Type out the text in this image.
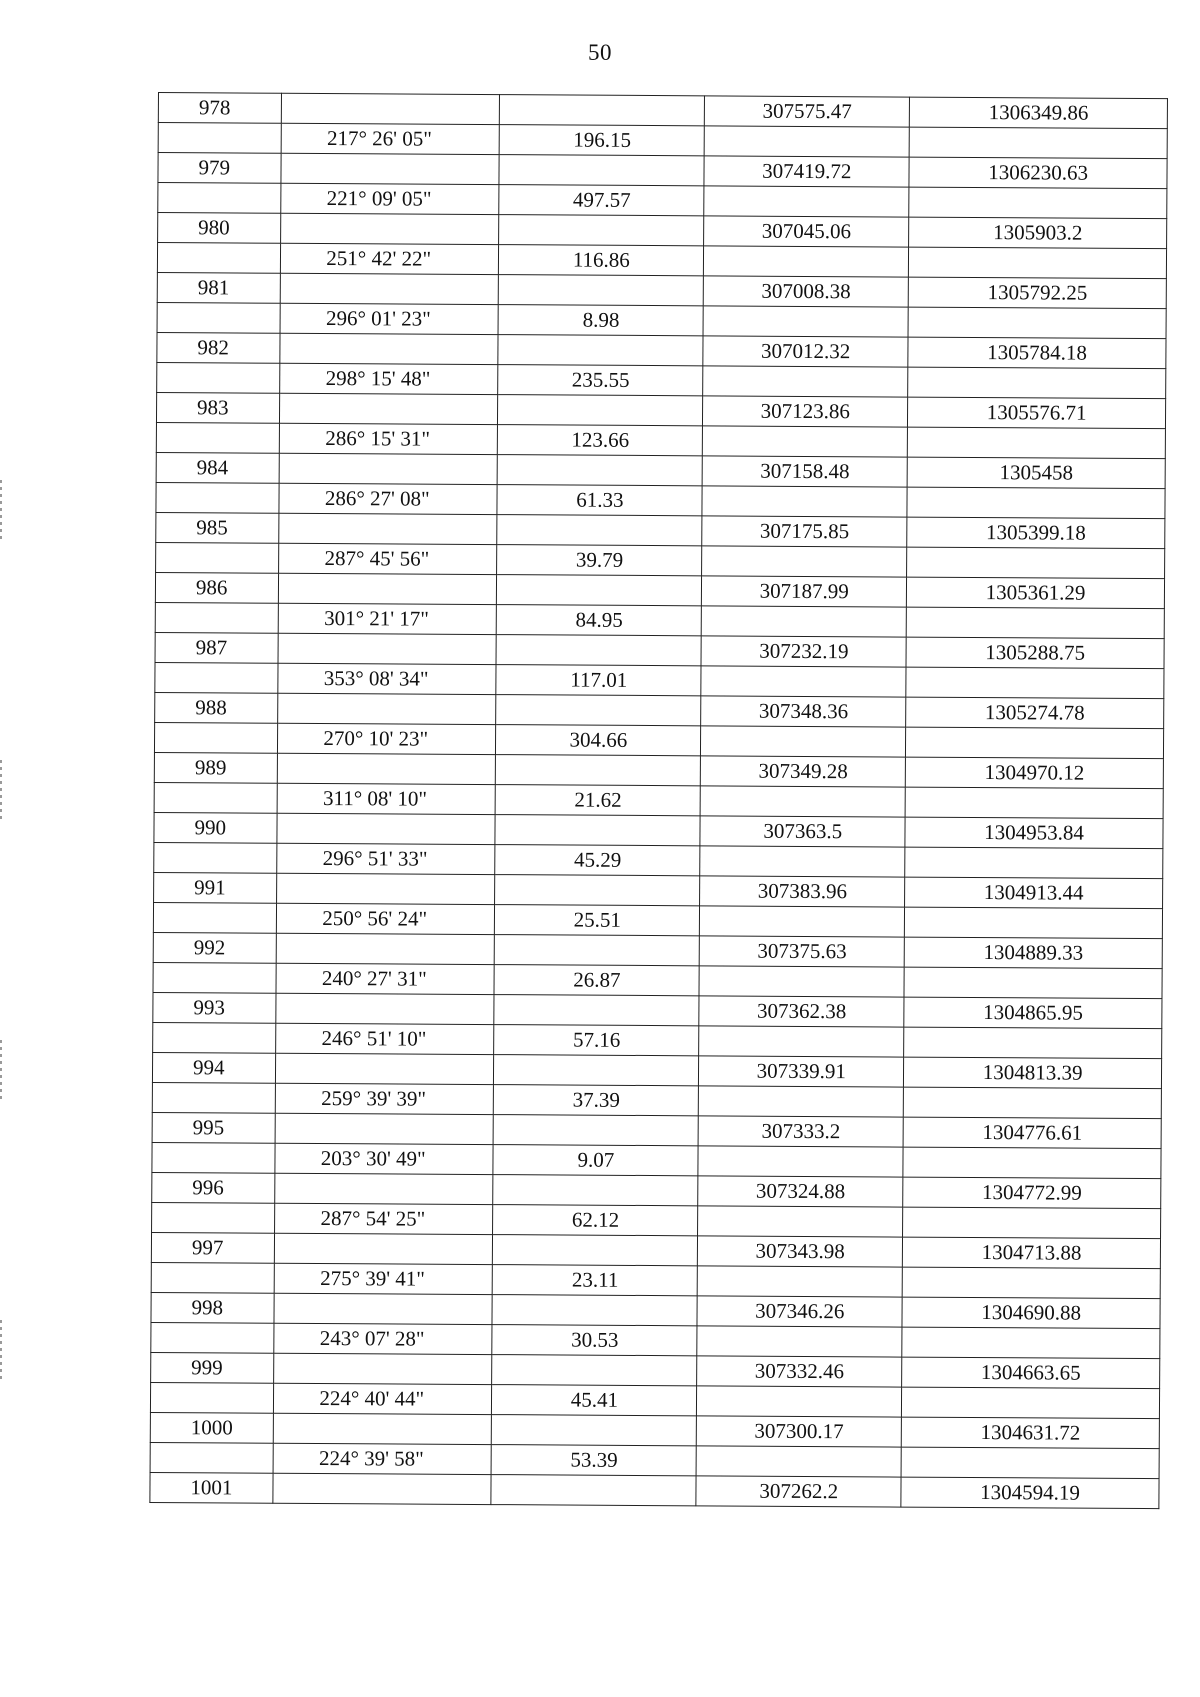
50
978			307575.47	1306349.86
	217° 26' 05"	196.15		
979			307419.72	1306230.63
	221° 09' 05"	497.57		
980			307045.06	1305903.2
	251° 42' 22"	116.86		
981			307008.38	1305792.25
	296° 01' 23"	8.98		
982			307012.32	1305784.18
	298° 15' 48"	235.55		
983			307123.86	1305576.71
	286° 15' 31"	123.66		
984			307158.48	1305458
	286° 27' 08"	61.33		
985			307175.85	1305399.18
	287° 45' 56"	39.79		
986			307187.99	1305361.29
	301° 21' 17"	84.95		
987			307232.19	1305288.75
	353° 08' 34"	117.01		
988			307348.36	1305274.78
	270° 10' 23"	304.66		
989			307349.28	1304970.12
	311° 08' 10"	21.62		
990			307363.5	1304953.84
	296° 51' 33"	45.29		
991			307383.96	1304913.44
	250° 56' 24"	25.51		
992			307375.63	1304889.33
	240° 27' 31"	26.87		
993			307362.38	1304865.95
	246° 51' 10"	57.16		
994			307339.91	1304813.39
	259° 39' 39"	37.39		
995			307333.2	1304776.61
	203° 30' 49"	9.07		
996			307324.88	1304772.99
	287° 54' 25"	62.12		
997			307343.98	1304713.88
	275° 39' 41"	23.11		
998			307346.26	1304690.88
	243° 07' 28"	30.53		
999			307332.46	1304663.65
	224° 40' 44"	45.41		
1000			307300.17	1304631.72
	224° 39' 58"	53.39		
1001			307262.2	1304594.19
